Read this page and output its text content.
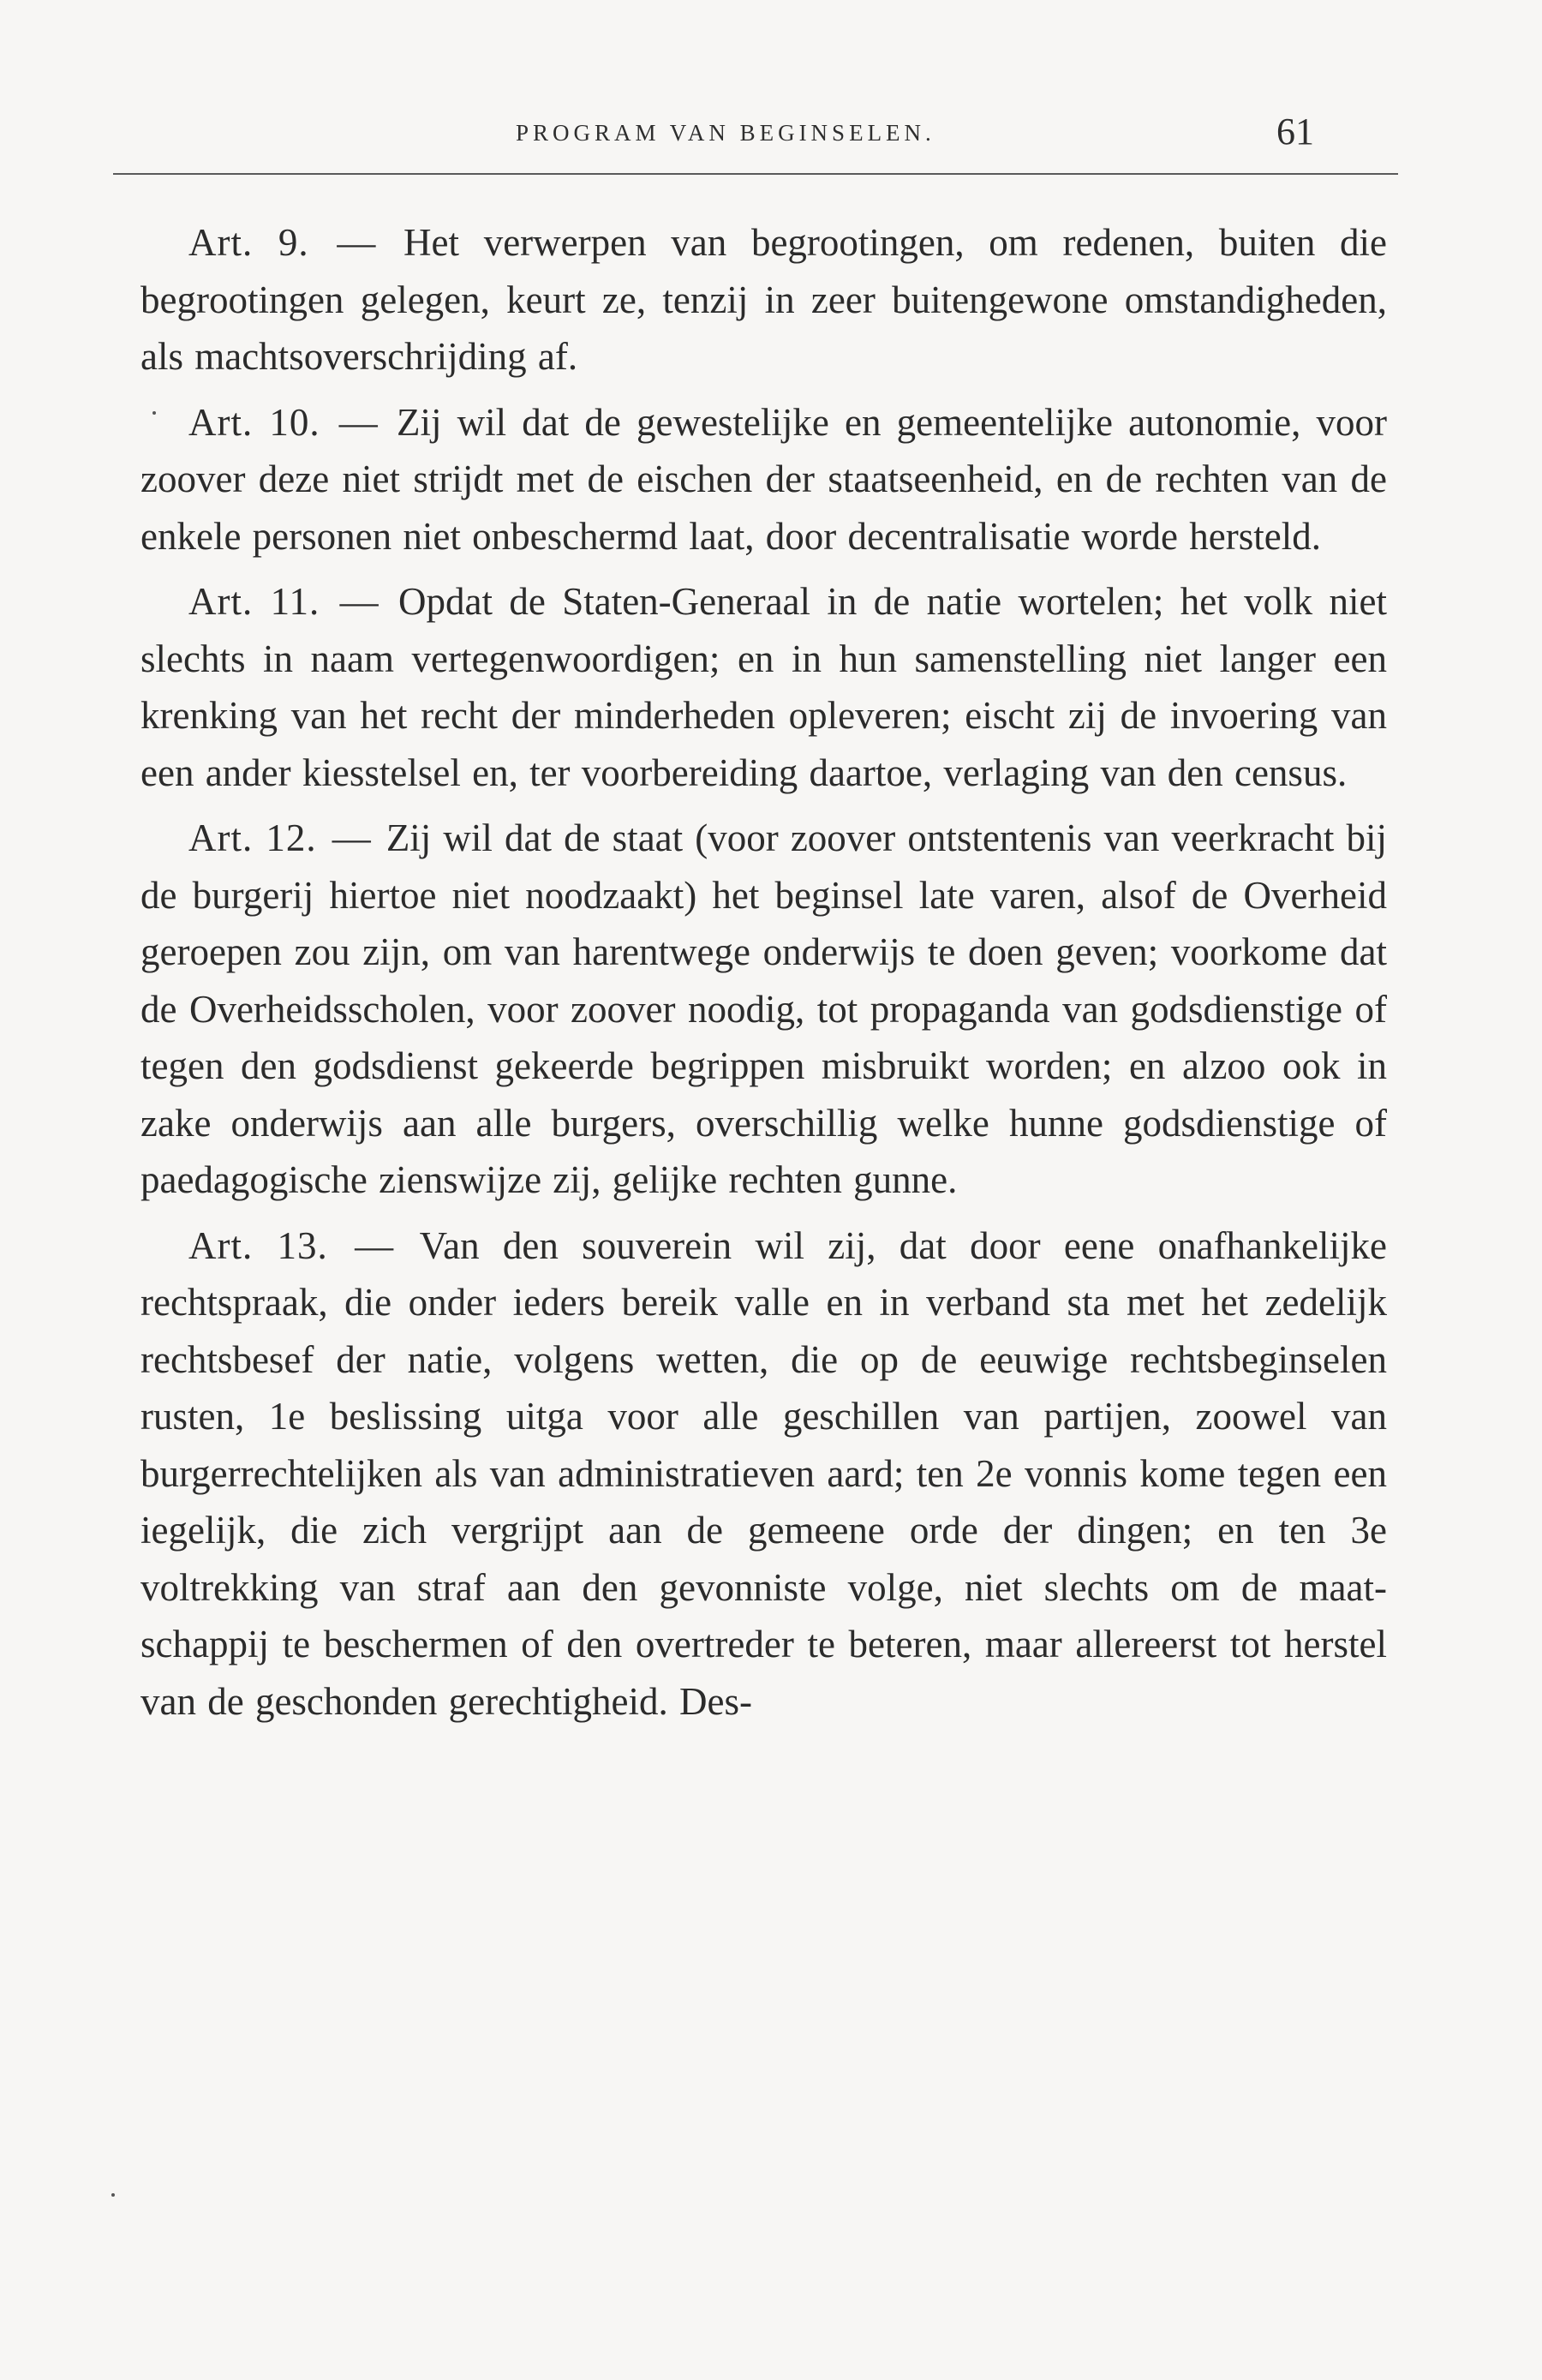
PROGRAM VAN BEGINSELEN.	61

Art. 9. — Het verwerpen van begrootingen, om redenen, buiten die begrootingen gelegen, keurt ze, tenzij in zeer buitengewone omstandigheden, als machtsoverschrijding af.

Art. 10. — Zij wil dat de gewestelijke en gemeentelijke autonomie, voor zoover deze niet strijdt met de eischen der staatseenheid, en de rechten van de enkele personen niet onbeschermd laat, door decentralisatie worde hersteld.

Art. 11. — Opdat de Staten-Generaal in de natie wortelen; het volk niet slechts in naam vertegenwoordigen; en in hun samenstelling niet langer een krenking van het recht der minderheden opleveren; eischt zij de invoering van een ander kiesstelsel en, ter voorbereiding daartoe, verlaging van den census.

Art. 12. — Zij wil dat de staat (voor zoover ontstentenis van veerkracht bij de burgerij hiertoe niet noodzaakt) het beginsel late varen, alsof de Overheid geroepen zou zijn, om van harentwege onderwijs te doen geven; voorkome dat de Overheidsscholen, voor zoover noodig, tot propaganda van godsdienstige of tegen den godsdienst gekeerde begrippen misbruikt worden; en alzoo ook in zake onderwijs aan alle burgers, overschillig welke hunne godsdienstige of paedagogische zienswijze zij, gelijke rechten gunne.

Art. 13. — Van den souverein wil zij, dat door eene onafhankelijke rechtspraak, die onder ieders bereik valle en in verband sta met het zedelijk rechtsbesef der natie, volgens wetten, die op de eeuwige rechtsbeginselen rusten, 1e beslissing uitga voor alle geschillen van partijen, zoowel van burgerrechtelijken als van administratieven aard; ten 2e vonnis kome tegen een iegelijk, die zich vergrijpt aan de gemeene orde der dingen; en ten 3e voltrekking van straf aan den gevonniste volge, niet slechts om de maatschappij te beschermen of den overtreder te beteren, maar allereerst tot herstel van de geschonden gerechtigheid. Des-
